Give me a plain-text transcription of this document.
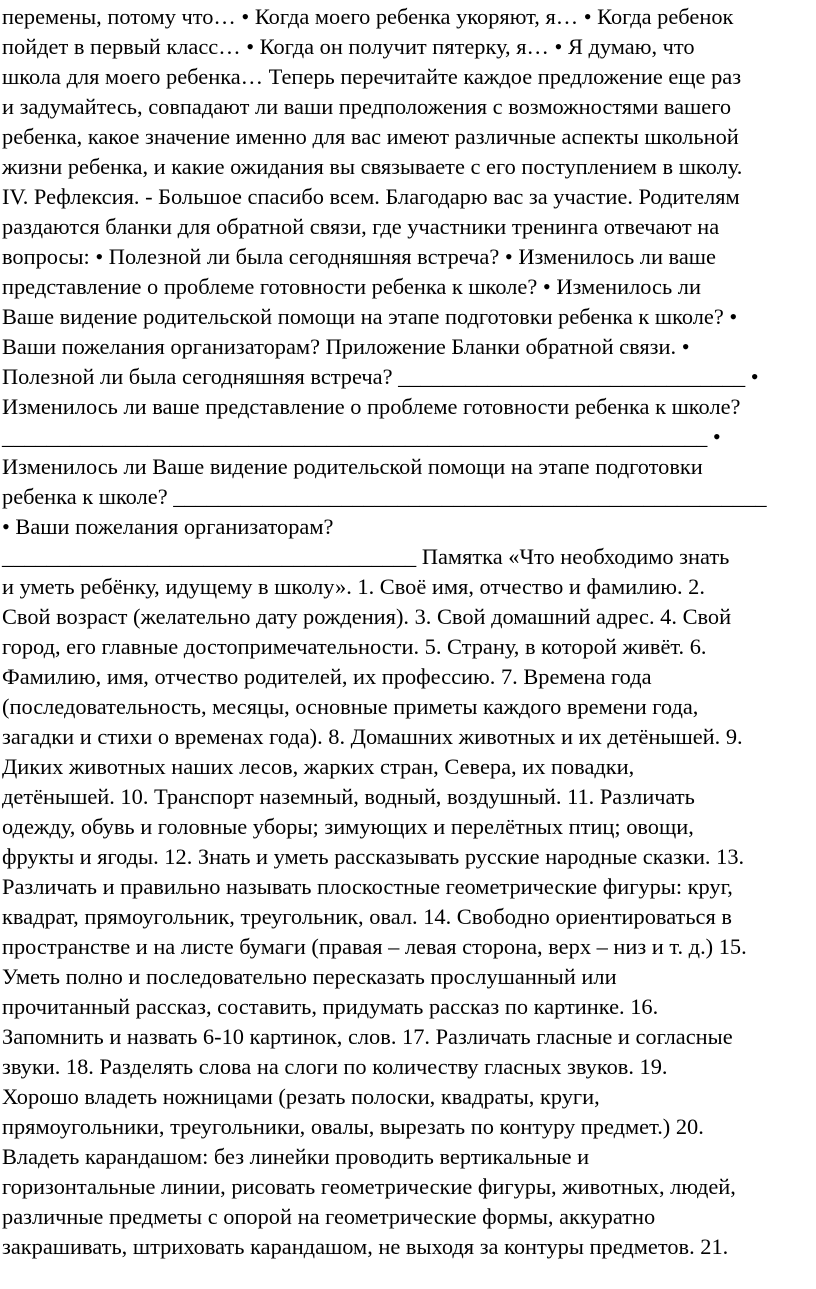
перемены, потому что… • Когда моего ребенка укоряют, я… • Когда ребенок
пойдет в первый класс… • Когда он получит пятерку, я… • Я думаю, что
школа для моего ребенка… Теперь перечитайте каждое предложение еще раз
и задумайтесь, совпадают ли ваши предположения с возможностями вашего
ребенка, какое значение именно для вас имеют различные аспекты школьной
жизни ребенка, и какие ожидания вы связываете с его поступлением в школу.
IV. Рефлексия. - Большое спасибо всем. Благодарю вас за участие. Родителям
раздаются бланки для обратной связи, где участники тренинга отвечают на
вопросы: • Полезной ли была сегодняшняя встреча? • Изменилось ли ваше
представление о проблеме готовности ребенка к школе? • Изменилось ли
Ваше видение родительской помощи на этапе подготовки ребенка к школе? •
Ваши пожелания организаторам? Приложение Бланки обратной связи. •
Полезной ли была сегодняшняя встреча? _______________________________ •
Изменилось ли ваше представление о проблеме готовности ребенка к школе?
_______________________________________________________________ •
Изменилось ли Ваше видение родительской помощи на этапе подготовки
ребенка к школе? _____________________________________________________
• Ваши пожелания организаторам?
_____________________________________ Памятка «Что необходимо знать
и уметь ребёнку, идущему в школу». 1. Своё имя, отчество и фамилию. 2.
Свой возраст (желательно дату рождения). 3. Свой домашний адрес. 4. Свой
город, его главные достопримечательности. 5. Страну, в которой живёт. 6.
Фамилию, имя, отчество родителей, их профессию. 7. Времена года
(последовательность, месяцы, основные приметы каждого времени года,
загадки и стихи о временах года). 8. Домашних животных и их детёнышей. 9.
Диких животных наших лесов, жарких стран, Севера, их повадки,
детёнышей. 10. Транспорт наземный, водный, воздушный. 11. Различать
одежду, обувь и головные уборы; зимующих и перелётных птиц; овощи,
фрукты и ягоды. 12. Знать и уметь рассказывать русские народные сказки. 13.
Различать и правильно называть плоскостные геометрические фигуры: круг,
квадрат, прямоугольник, треугольник, овал. 14. Свободно ориентироваться в
пространстве и на листе бумаги (правая – левая сторона, верх – низ и т. д.) 15.
Уметь полно и последовательно пересказать прослушанный или
прочитанный рассказ, составить, придумать рассказ по картинке. 16.
Запомнить и назвать 6-10 картинок, слов. 17. Различать гласные и согласные
звуки. 18. Разделять слова на слоги по количеству гласных звуков. 19.
Хорошо владеть ножницами (резать полоски, квадраты, круги,
прямоугольники, треугольники, овалы, вырезать по контуру предмет.) 20.
Владеть карандашом: без линейки проводить вертикальные и
горизонтальные линии, рисовать геометрические фигуры, животных, людей,
различные предметы с опорой на геометрические формы, аккуратно
закрашивать, штриховать карандашом, не выходя за контуры предметов. 21.
